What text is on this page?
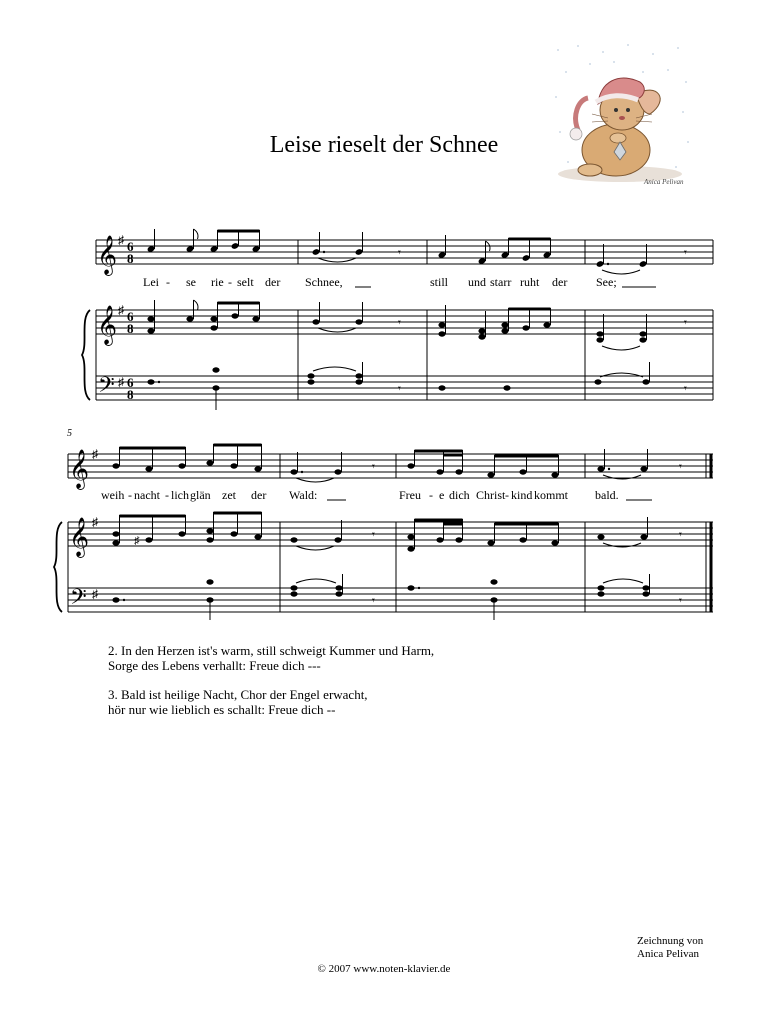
Leise rieselt der Schnee
Anica Pelivan
𝄞
𝄞
𝄢
♯
♯
♯
6
8
6
8
6
8
𝄾	𝄾
𝄾	𝄾
𝄾	𝄾
𝄞
𝄞
𝄢
♯
♯
♯
𝄾	𝄾
♯	𝄾	𝄾
𝄾	𝄾
Lei - se rie - selt der Schnee,	still und starr ruht der See;
5
weih - nacht - lich glän zet der Wald:	Freu - e dich Christ - kind kommt bald.
2. In den Herzen ist's warm, still schweigt Kummer und Harm,
Sorge des Lebens verhallt: Freue dich ---
3. Bald ist heilige Nacht, Chor der Engel erwacht,
hör nur wie lieblich es schallt: Freue dich --
Zeichnung von
Anica Pelivan
© 2007 www.noten-klavier.de
